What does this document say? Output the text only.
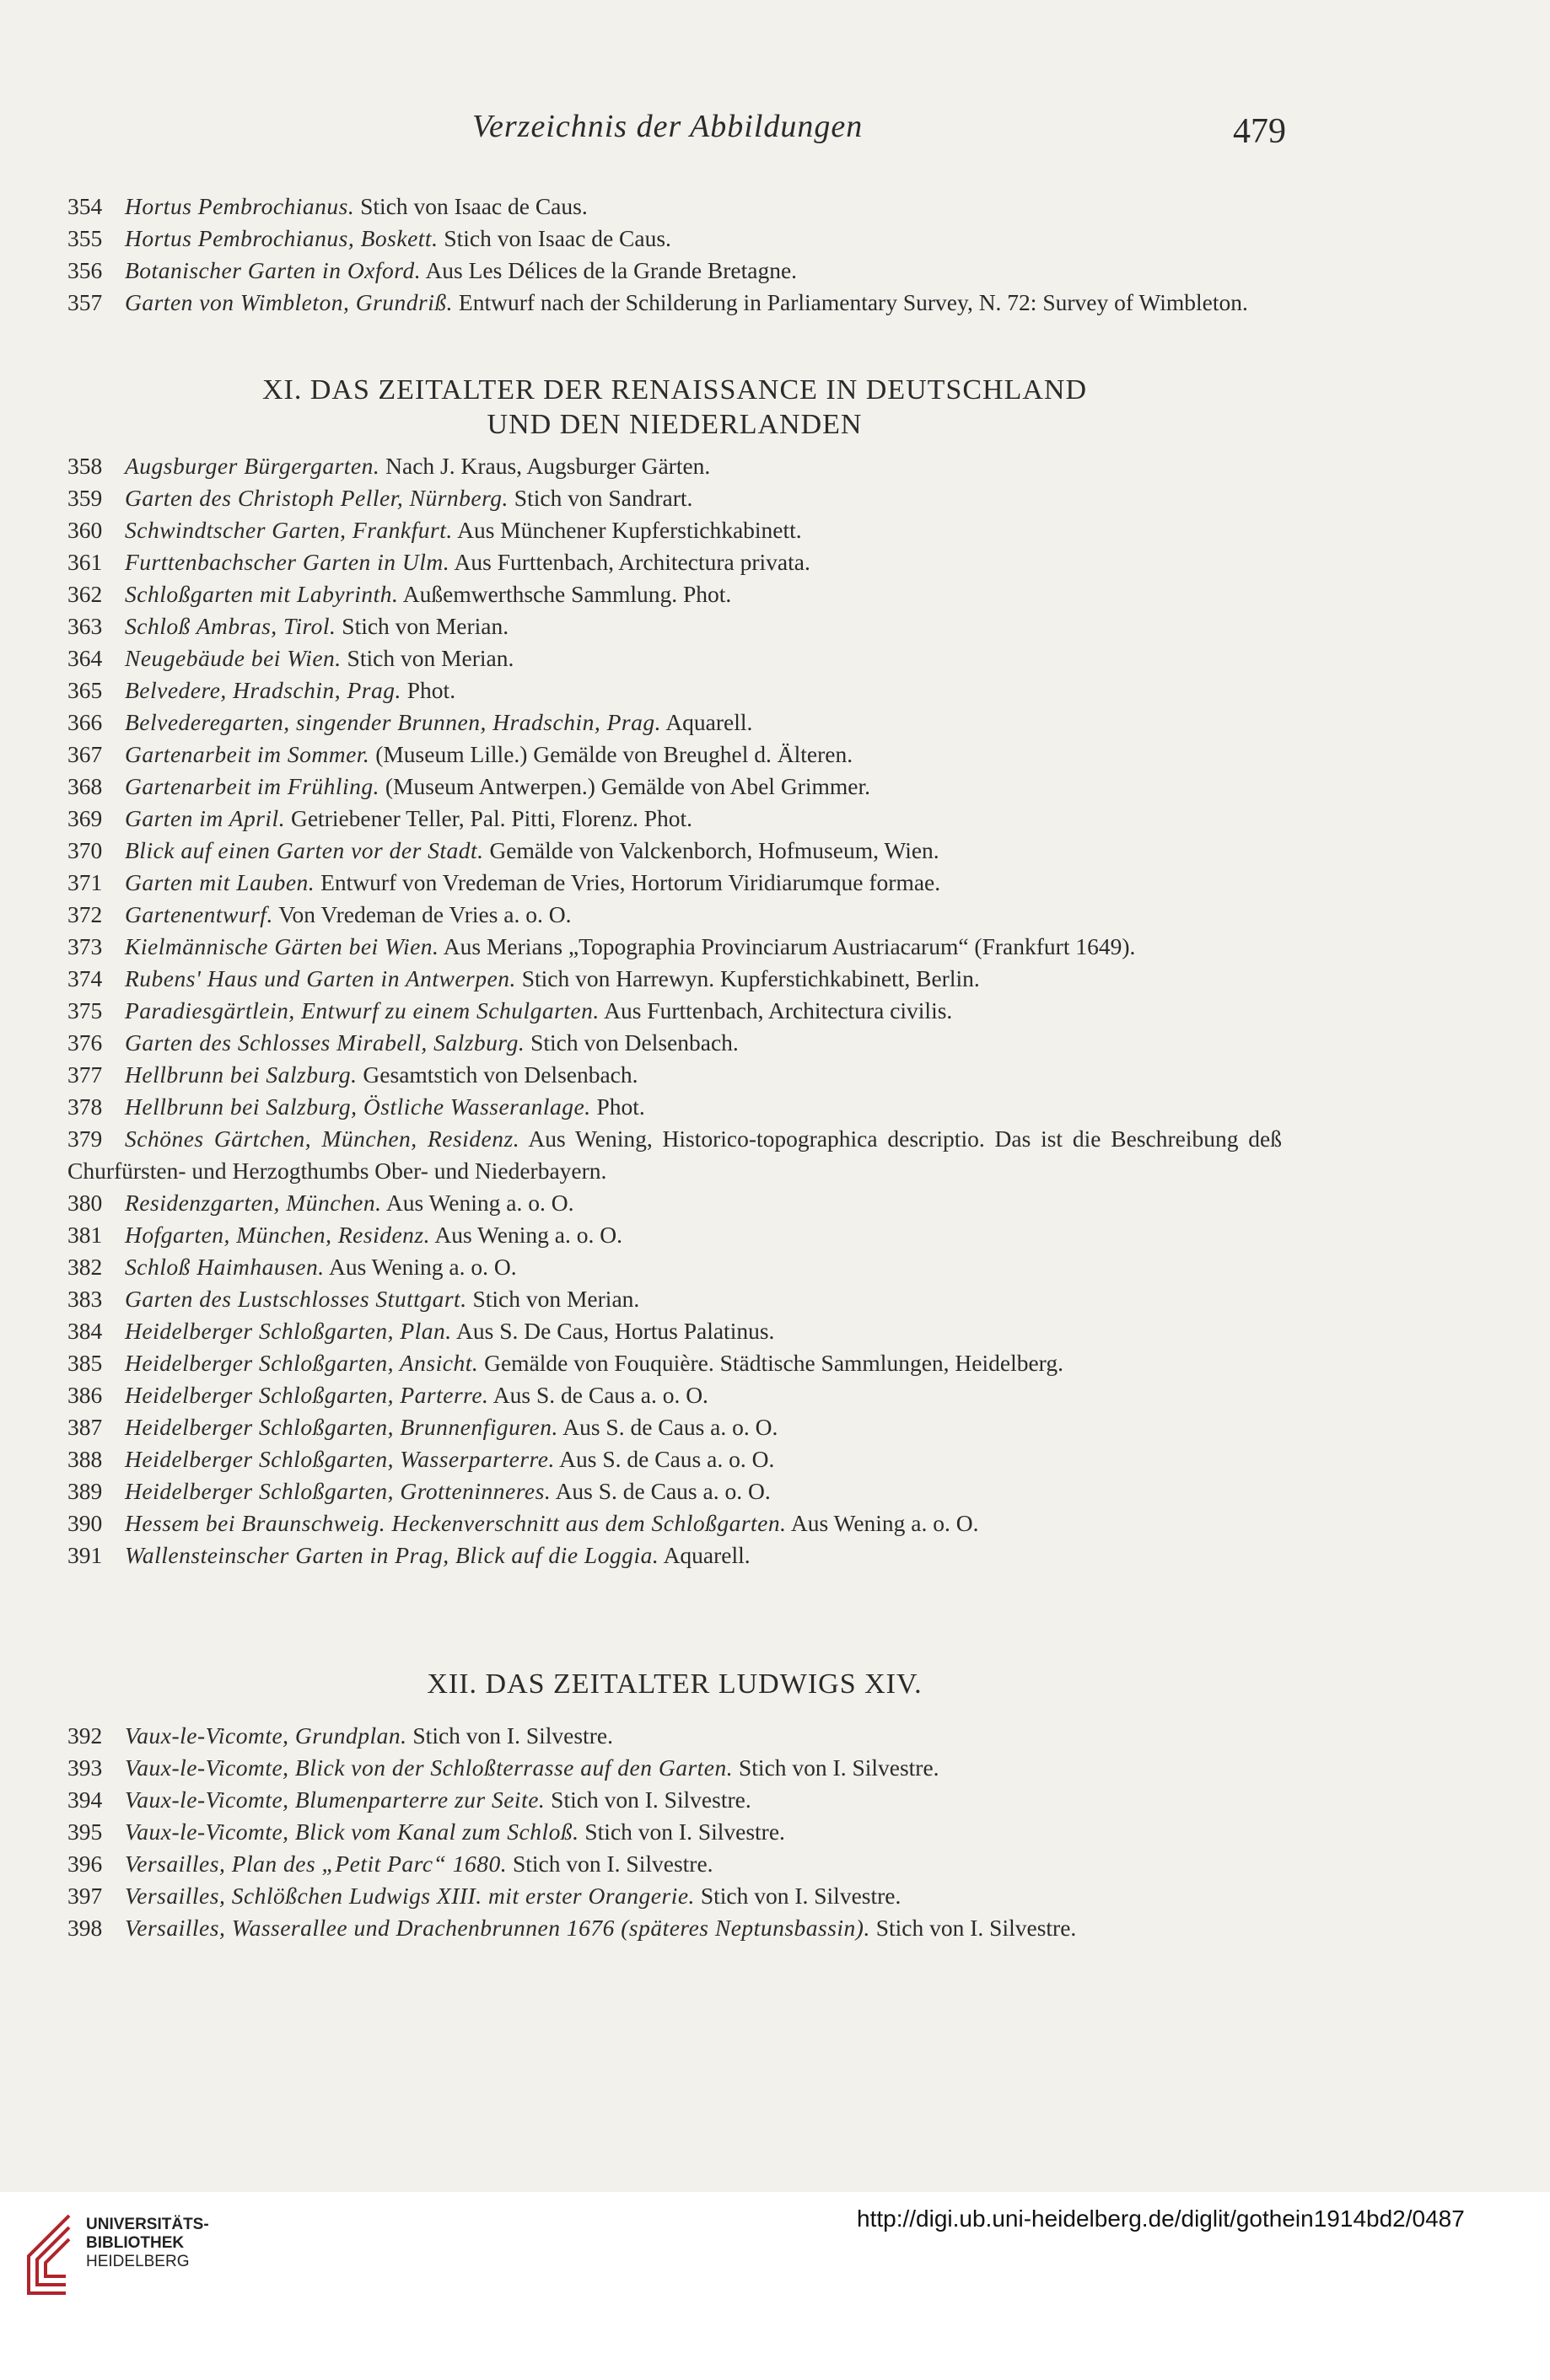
Verzeichnis der Abbildungen	479
354 Hortus Pembrochianus. Stich von Isaac de Caus.
355 Hortus Pembrochianus, Boskett. Stich von Isaac de Caus.
356 Botanischer Garten in Oxford. Aus Les Délices de la Grande Bretagne.
357 Garten von Wimbleton, Grundriß. Entwurf nach der Schilderung in Parliamentary Survey, N. 72: Survey of Wimbleton.
XI. DAS ZEITALTER DER RENAISSANCE IN DEUTSCHLAND
UND DEN NIEDERLANDEN
358 Augsburger Bürgergarten. Nach J. Kraus, Augsburger Gärten.
359 Garten des Christoph Peller, Nürnberg. Stich von Sandrart.
360 Schwindtscher Garten, Frankfurt. Aus Münchener Kupferstichkabinett.
361 Furttenbachscher Garten in Ulm. Aus Furttenbach, Architectura privata.
362 Schloßgarten mit Labyrinth. Außemwerthsche Sammlung. Phot.
363 Schloß Ambras, Tirol. Stich von Merian.
364 Neugebäude bei Wien. Stich von Merian.
365 Belvedere, Hradschin, Prag. Phot.
366 Belvederegarten, singender Brunnen, Hradschin, Prag. Aquarell.
367 Gartenarbeit im Sommer. (Museum Lille.) Gemälde von Breughel d. Älteren.
368 Gartenarbeit im Frühling. (Museum Antwerpen.) Gemälde von Abel Grimmer.
369 Garten im April. Getriebener Teller, Pal. Pitti, Florenz. Phot.
370 Blick auf einen Garten vor der Stadt. Gemälde von Valckenborch, Hofmuseum, Wien.
371 Garten mit Lauben. Entwurf von Vredeman de Vries, Hortorum Viridiarumque formae.
372 Gartenentwurf. Von Vredeman de Vries a. o. O.
373 Kielmännische Gärten bei Wien. Aus Merians „Topographia Provinciarum Austriacarum“ (Frankfurt 1649).
374 Rubens' Haus und Garten in Antwerpen. Stich von Harrewyn. Kupferstichkabinett, Berlin.
375 Paradiesgärtlein, Entwurf zu einem Schulgarten. Aus Furttenbach, Architectura civilis.
376 Garten des Schlosses Mirabell, Salzburg. Stich von Delsenbach.
377 Hellbrunn bei Salzburg. Gesamtstich von Delsenbach.
378 Hellbrunn bei Salzburg, Östliche Wasseranlage. Phot.
379 Schönes Gärtchen, München, Residenz. Aus Wening, Historico-topographica descriptio. Das ist die Beschreibung deß Churfürsten- und Herzogthumbs Ober- und Niederbayern.
380 Residenzgarten, München. Aus Wening a. o. O.
381 Hofgarten, München, Residenz. Aus Wening a. o. O.
382 Schloß Haimhausen. Aus Wening a. o. O.
383 Garten des Lustschlosses Stuttgart. Stich von Merian.
384 Heidelberger Schloßgarten, Plan. Aus S. De Caus, Hortus Palatinus.
385 Heidelberger Schloßgarten, Ansicht. Gemälde von Fouquière. Städtische Sammlungen, Heidelberg.
386 Heidelberger Schloßgarten, Parterre. Aus S. de Caus a. o. O.
387 Heidelberger Schloßgarten, Brunnenfiguren. Aus S. de Caus a. o. O.
388 Heidelberger Schloßgarten, Wasserparterre. Aus S. de Caus a. o. O.
389 Heidelberger Schloßgarten, Grotteninneres. Aus S. de Caus a. o. O.
390 Hessem bei Braunschweig. Heckenverschnitt aus dem Schloßgarten. Aus Wening a. o. O.
391 Wallensteinscher Garten in Prag, Blick auf die Loggia. Aquarell.
XII. DAS ZEITALTER LUDWIGS XIV.
392 Vaux-le-Vicomte, Grundplan. Stich von I. Silvestre.
393 Vaux-le-Vicomte, Blick von der Schloßterrasse auf den Garten. Stich von I. Silvestre.
394 Vaux-le-Vicomte, Blumenparterre zur Seite. Stich von I. Silvestre.
395 Vaux-le-Vicomte, Blick vom Kanal zum Schloß. Stich von I. Silvestre.
396 Versailles, Plan des „Petit Parc“ 1680. Stich von I. Silvestre.
397 Versailles, Schlößchen Ludwigs XIII. mit erster Orangerie. Stich von I. Silvestre.
398 Versailles, Wasserallee und Drachenbrunnen 1676 (späteres Neptunsbassin). Stich von I. Silvestre.
UNIVERSITÄTS-
BIBLIOTHEK
HEIDELBERG
http://digi.ub.uni-heidelberg.de/diglit/gothein1914bd2/0487
